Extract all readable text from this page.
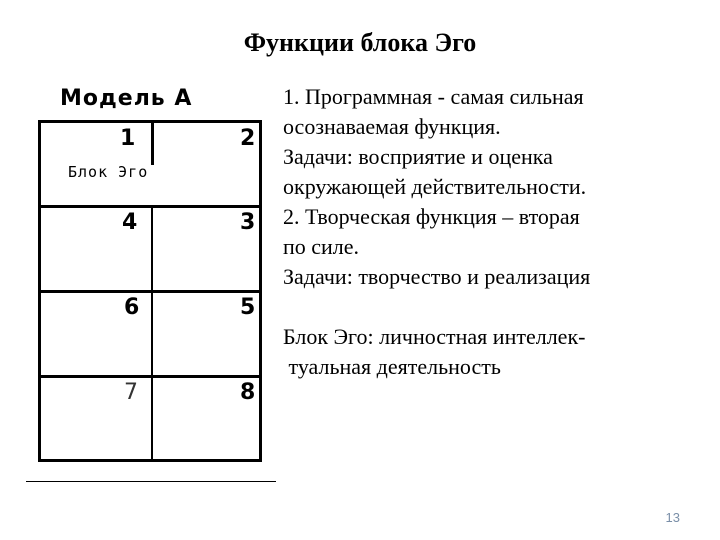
Функции блока Эго
Модель А
1	2
4	3
6	5
7	8
Блок Эго
1. Программная - самая сильная
осознаваемая функция.
Задачи: восприятие и оценка
окружающей действительности.
2. Творческая функция – вторая
по силе.
Задачи: творчество и реализация
Блок Эго: личностная интеллек-
туальная деятельность
13
